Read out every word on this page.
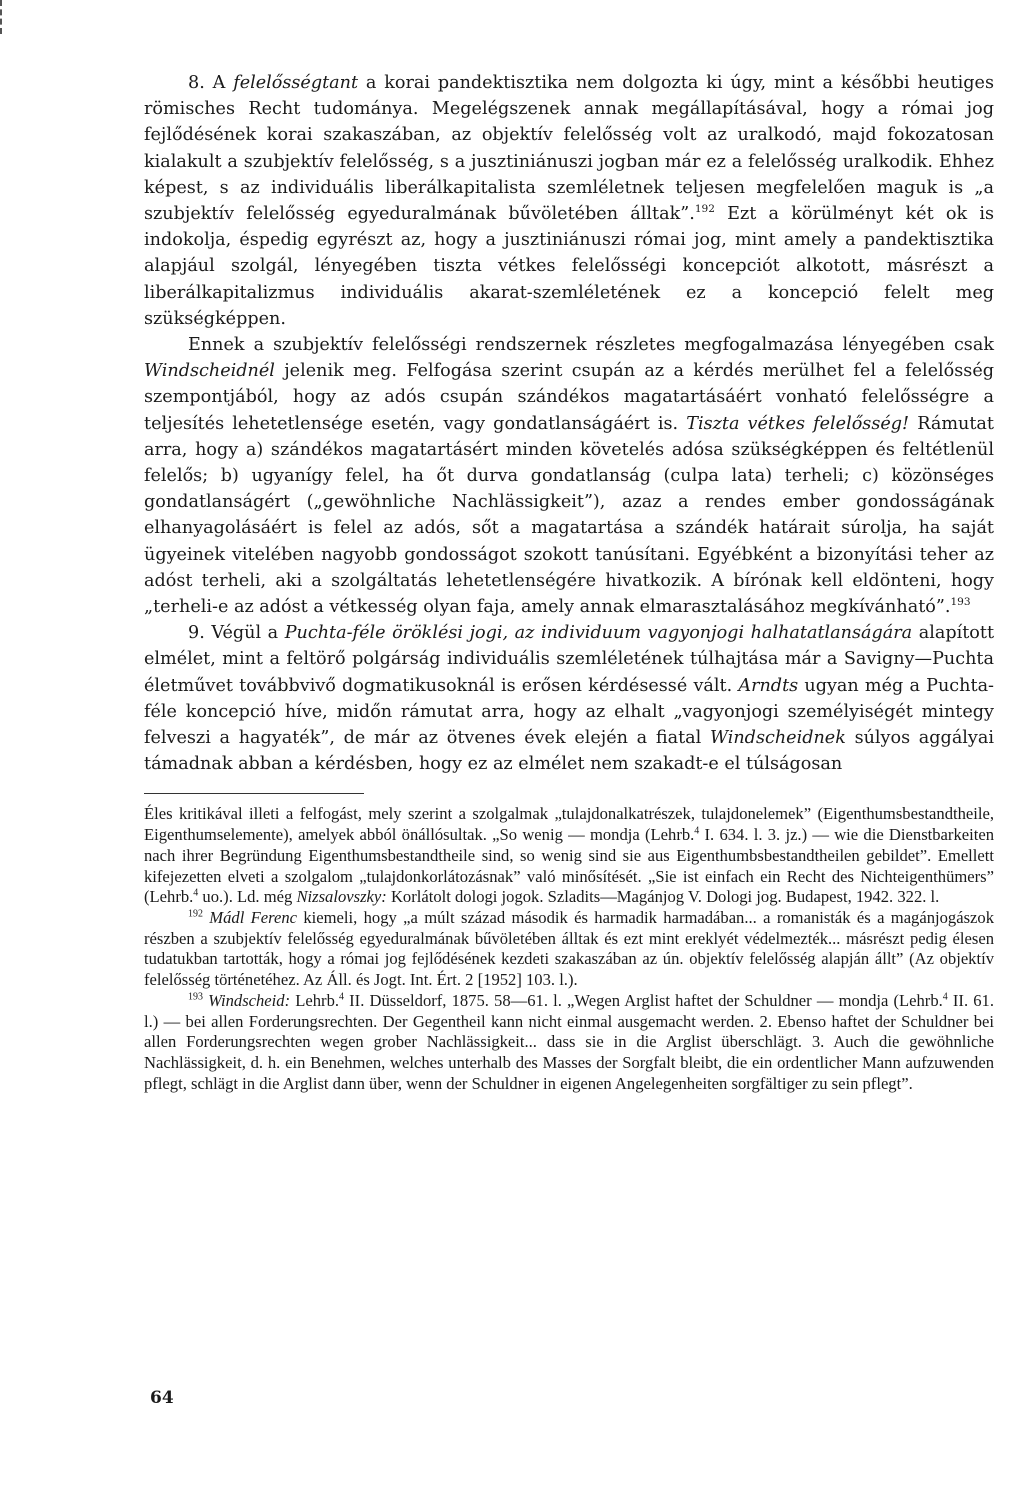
8. A felelősségtant a korai pandektisztika nem dolgozta ki úgy, mint a későbbi heutiges römisches Recht tudománya. Megelégszenek annak megállapításával, hogy a római jog fejlődésének korai szakaszában, az objektív felelősség volt az uralkodó, majd fokozatosan kialakult a szubjektív felelősség, s a jusztiniánuszi jogban már ez a felelősség uralkodik. Ehhez képest, s az individuális liberálkapitalista szemléletnek teljesen megfelelően maguk is „a szubjektív felelősség egyeduralmának bűvöletében álltak”.$^{192}$ Ezt a körülményt két ok is indokolja, éspedig egyrészt az, hogy a jusztiniánuszi római jog, mint amely a pandektisztika alapjául szolgál, lényegében tiszta vétkes felelősségi koncepciót alkotott, másrészt a liberálkapitalizmus individuális akarat-szemléletének ez a koncepció felelt meg szükségképpen.

Ennek a szubjektív felelősségi rendszernek részletes megfogalmazása lényegében csak Windscheidnél jelenik meg. Felfogása szerint csupán az a kérdés merülhet fel a felelősség szempontjából, hogy az adós csupán szándékos magatartásáért vonható felelősségre a teljesítés lehetetlensége esetén, vagy gondatlanságáért is. Tiszta vétkes felelősség! Rámutat arra, hogy a) szándékos magatartásért minden követelés adósa szükségképpen és feltétlenül felelős; b) ugyanígy felel, ha őt durva gondatlanság (culpa lata) terheli; c) közönséges gondatlanságért („gewöhnliche Nachlässigkeit”), azaz a rendes ember gondosságának elhanyagolásáért is felel az adós, sőt a magatartása a szándék határait súrolja, ha saját ügyeinek vitelében nagyobb gondosságot szokott tanúsítani. Egyébként a bizonyítási teher az adóst terheli, aki a szolgáltatás lehetetlenségére hivatkozik. A bírónak kell eldönteni, hogy „terheli-e az adóst a vétkesség olyan faja, amely annak elmarasztalásához megkívánható”.$^{193}$

9. Végül a Puchta-féle öröklési jogi, az individuum vagyonjogi halhatatlanságára alapított elmélet, mint a feltörő polgárság individuális szemléletének túlhajtása már a Savigny—Puchta életművet továbbvivő dogmatikusoknál is erősen kérdésessé vált. Arndts ugyan még a Puchta-féle koncepció híve, midőn rámutat arra, hogy az elhalt „vagyonjogi személyiségét mintegy felveszi a hagyaték”, de már az ötvenes évek elején a fiatal Windscheidnek súlyos aggályai támadnak abban a kérdésben, hogy ez az elmélet nem szakadt-e el túlságosan

Éles kritikával illeti a felfogást, mely szerint a szolgalmak „tulajdonalkatrészek, tulajdonelemek” (Eigenthumsbestandtheile, Eigenthumselemente), amelyek abból önállósultak. „So wenig — mondja (Lehrb.$^4$ I. 634. l. 3. jz.) — wie die Dienstbarkeiten nach ihrer Begründung Eigenthumsbestandtheile sind, so wenig sind sie aus Eigenthumbsbestandtheilen gebildet”. Emellett kifejezetten elveti a szolgalom „tulajdonkorlátozásnak” való minősítését. „Sie ist einfach ein Recht des Nichteigenthümers” (Lehrb.$^4$ uo.). Ld. még Nizsalovszky: Korlátolt dologi jogok. Szladits—Magánjog V. Dologi jog. Budapest, 1942. 322. l.

$^{192}$ Mádl Ferenc kiemeli, hogy „a múlt század második és harmadik harmadában... a romanisták és a magánjogászok részben a szubjektív felelősség egyeduralmának bűvöletében álltak és ezt mint ereklyét védelmezték... másrészt pedig élesen tudatukban tartották, hogy a római jog fejlődésének kezdeti szakaszában az ún. objektív felelősség alapján állt” (Az objektív felelősség történetéhez. Az Áll. és Jogt. Int. Ért. 2 [1952] 103. l.).

$^{193}$ Windscheid: Lehrb.$^4$ II. Düsseldorf, 1875. 58—61. l. „Wegen Arglist haftet der Schuldner — mondja (Lehrb.$^4$ II. 61. l.) — bei allen Forderungsrechten. Der Gegentheil kann nicht einmal ausgemacht werden. 2. Ebenso haftet der Schuldner bei allen Forderungsrechten wegen grober Nachlässigkeit... dass sie in die Arglist überschlägt. 3. Auch die gewöhnliche Nachlässigkeit, d. h. ein Benehmen, welches unterhalb des Masses der Sorgfalt bleibt, die ein ordentlicher Mann aufzuwenden pflegt, schlägt in die Arglist dann über, wenn der Schuldner in eigenen Angelegenheiten sorgfältiger zu sein pflegt”.

64
